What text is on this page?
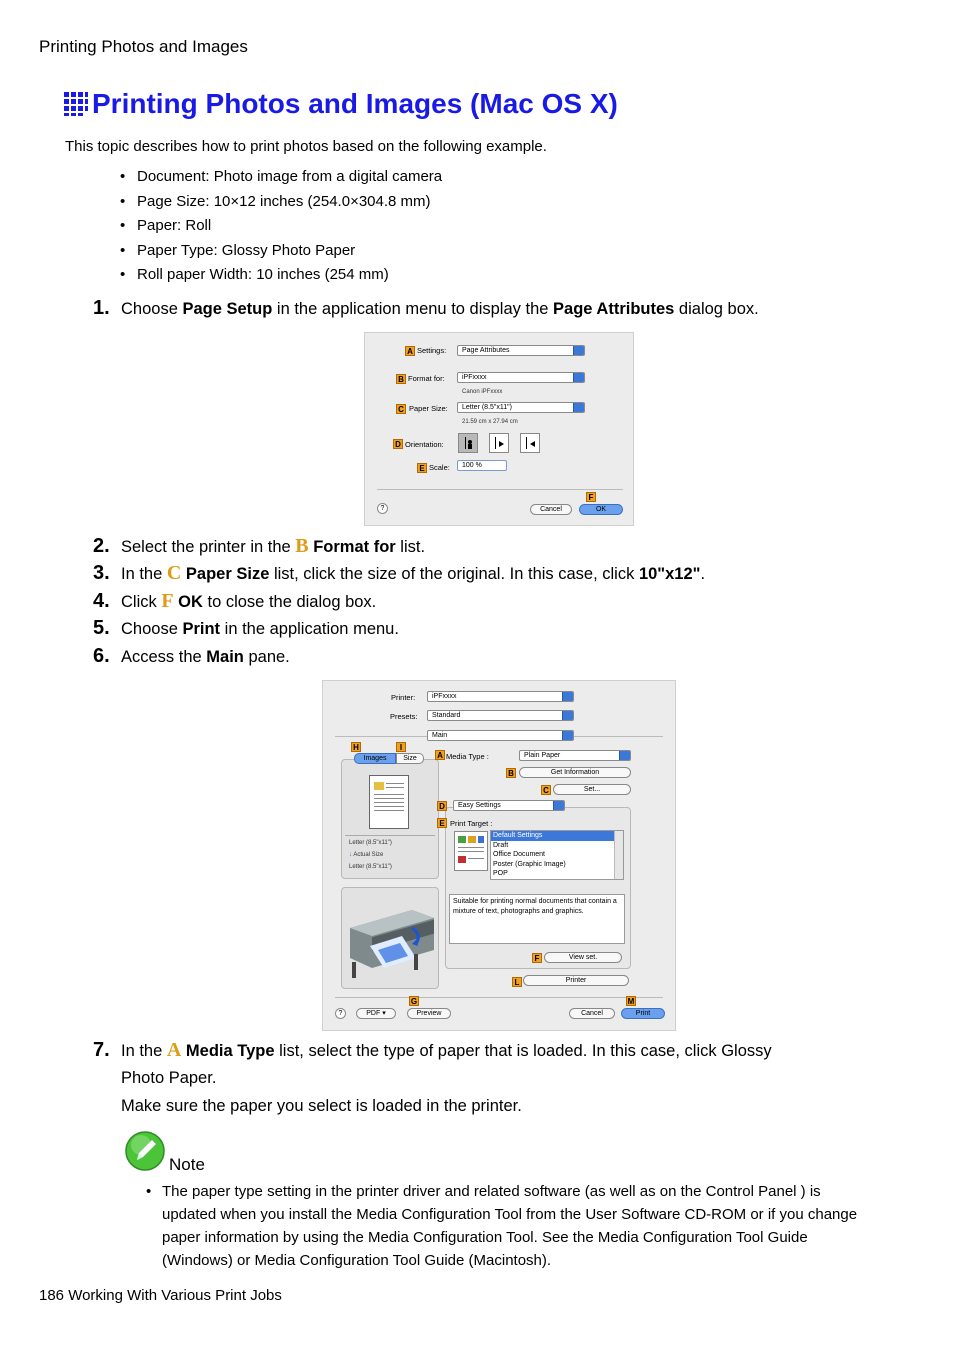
Printing Photos and Images
Printing Photos and Images (Mac OS X)
This topic describes how to print photos based on the following example.
• Document: Photo image from a digital camera
• Page Size: 10×12 inches (254.0×304.8 mm)
• Paper: Roll
• Paper Type: Glossy Photo Paper
• Roll paper Width: 10 inches (254 mm)
1. Choose Page Setup in the application menu to display the Page Attributes dialog box.
A Settings:	Page Attributes
B Format for:	iPFxxxx
Canon iPFxxxx
C Paper Size:	Letter (8.5"x11")
21.59 cm x 27.94 cm
D Orientation:
E Scale:	100 %
?
F
Cancel	OK
2. Select the printer in the B Format for list.
3. In the C Paper Size list, click the size of the original. In this case, click 10"x12".
4. Click F OK to close the dialog box.
5. Choose Print in the application menu.
6. Access the Main pane.
Printer:	iPFxxxx
Presets:	Standard
Main
H	I
Images	Size
Letter (8.5"x11")
↓ Actual Size
Letter (8.5"x11")
A Media Type :	Plain Paper
B	Get Information
C	Set...
D	Easy Settings
E Print Target :
Default Settings
Draft
Office Document
Poster (Graphic Image)
POP
Suitable for printing normal documents that contain a mixture of text, photographs and graphics.
F	View set.
L	Printer
G	M
?	PDF ▾	Preview	Cancel	Print
7. In the A Media Type list, select the type of paper that is loaded. In this case, click Glossy
Photo Paper.
Make sure the paper you select is loaded in the printer.
Note
• The paper type setting in the printer driver and related software (as well as on the Control Panel ) is updated when you install the Media Configuration Tool from the User Software CD-ROM or if you change paper information by using the Media Configuration Tool. See the Media Configuration Tool Guide (Windows) or Media Configuration Tool Guide (Macintosh).
186 Working With Various Print Jobs
